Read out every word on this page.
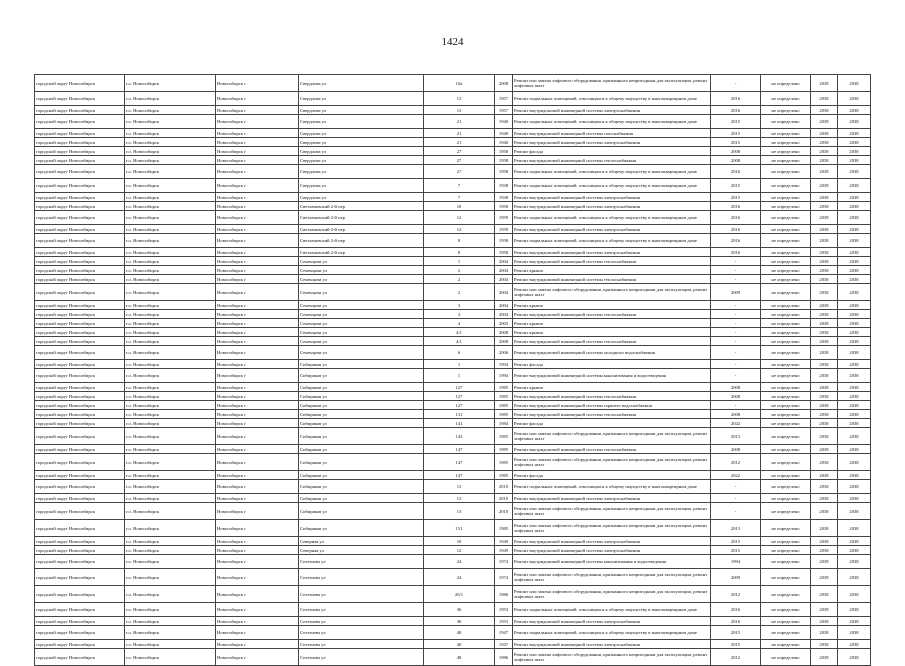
1424
городской округ Новосибирск	г.о. Новосибирск	Новосибирск г	Свердлова ул	10а	2008	Ремонт или замена лифтового оборудования, признанного непригодным для эксплуатации, ремонт лифтовых шахт	-	не определено	2038	2038
городской округ Новосибирск	г.о. Новосибирск	Новосибирск г	Свердлова ул	13	1957	Ремонт подвальных помещений, относящихся к общему имуществу в многоквартирном доме	2016	не определено	2038	2038
городской округ Новосибирск	г.о. Новосибирск	Новосибирск г	Свердлова ул	13	1957	Ремонт внутридомовой инженерной системы электроснабжения	2016	не определено	2038	2038
городской округ Новосибирск	г.о. Новосибирск	Новосибирск г	Свердлова ул	21	1940	Ремонт подвальных помещений, относящихся к общему имуществу в многоквартирном доме	2015	не определено	2038	2038
городской округ Новосибирск	г.о. Новосибирск	Новосибирск г	Свердлова ул	21	1940	Ремонт внутридомовой инженерной системы газоснабжения	2015	не определено	2038	2038
городской округ Новосибирск	г.о. Новосибирск	Новосибирск г	Свердлова ул	21	1940	Ремонт внутридомовой инженерной системы электроснабжения	2015	не определено	2038	2038
городской округ Новосибирск	г.о. Новосибирск	Новосибирск г	Свердлова ул	27	1958	Ремонт фасада	2008	не определено	2038	2038
городской округ Новосибирск	г.о. Новосибирск	Новосибирск г	Свердлова ул	27	1958	Ремонт внутридомовой инженерной системы теплоснабжения	2008	не определено	2038	2038
городской округ Новосибирск	г.о. Новосибирск	Новосибирск г	Свердлова ул	27	1958	Ремонт подвальных помещений, относящихся к общему имуществу в многоквартирном доме	2016	не определено	2038	2038
городской округ Новосибирск	г.о. Новосибирск	Новосибирск г	Свердлова ул	7	1938	Ремонт подвальных помещений, относящихся к общему имуществу в многоквартирном доме	2015	не определено	2038	2038
городской округ Новосибирск	г.о. Новосибирск	Новосибирск г	Свердлова ул	7	1938	Ремонт внутридомовой инженерной системы электроснабжения	2015	не определено	2038	2038
городской округ Новосибирск	г.о. Новосибирск	Новосибирск г	Светлановский 2-й пер	10	1958	Ремонт внутридомовой инженерной системы электроснабжения	2016	не определено	2038	2038
городской округ Новосибирск	г.о. Новосибирск	Новосибирск г	Светлановский 2-й пер	12	1959	Ремонт подвальных помещений, относящихся к общему имуществу в многоквартирном доме	2016	не определено	2038	2038
городской округ Новосибирск	г.о. Новосибирск	Новосибирск г	Светлановский 2-й пер	12	1959	Ремонт внутридомовой инженерной системы электроснабжения	2016	не определено	2038	2038
городской округ Новосибирск	г.о. Новосибирск	Новосибирск г	Светлановский 2-й пер	8	1958	Ремонт подвальных помещений, относящихся к общему имуществу в многоквартирном доме	2016	не определено	2038	2038
городской округ Новосибирск	г.о. Новосибирск	Новосибирск г	Светлановский 2-й пер	8	1958	Ремонт внутридомовой инженерной системы электроснабжения	2016	не определено	2038	2038
городской округ Новосибирск	г.о. Новосибирск	Новосибирск г	Семенцова ул	1	2004	Ремонт внутридомовой инженерной системы теплоснабжения	-	не определено	2038	2038
городской округ Новосибирск	г.о. Новосибирск	Новосибирск г	Семенцова ул	2	2004	Ремонт крыши	-	не определено	2038	2038
городской округ Новосибирск	г.о. Новосибирск	Новосибирск г	Семенцова ул	2	2004	Ремонт внутридомовой инженерной системы теплоснабжения	-	не определено	2038	2038
городской округ Новосибирск	г.о. Новосибирск	Новосибирск г	Семенцова ул	2	2004	Ремонт или замена лифтового оборудования, признанного непригодным для эксплуатации, ремонт лифтовых шахт	2009	не определено	2038	2038
городской округ Новосибирск	г.о. Новосибирск	Новосибирск г	Семенцова ул	3	2004	Ремонт крыши	-	не определено	2038	2038
городской округ Новосибирск	г.о. Новосибирск	Новосибирск г	Семенцова ул	3	2004	Ремонт внутридомовой инженерной системы теплоснабжения	-	не определено	2038	2038
городской округ Новосибирск	г.о. Новосибирск	Новосибирск г	Семенцова ул	4	2003	Ремонт крыши	-	не определено	2038	2038
городской округ Новосибирск	г.о. Новосибирск	Новосибирск г	Семенцова ул	4/1	2008	Ремонт крыши	-	не определено	2038	2038
городской округ Новосибирск	г.о. Новосибирск	Новосибирск г	Семенцова ул	4/1	2008	Ремонт внутридомовой инженерной системы теплоснабжения	-	не определено	2038	2038
городской округ Новосибирск	г.о. Новосибирск	Новосибирск г	Семенцова ул	6	2006	Ремонт внутридомовой инженерной системы холодного водоснабжения	-	не определено	2038	2038
городской округ Новосибирск	г.о. Новосибирск	Новосибирск г	Сибиряков ул	1	1994	Ремонт фасада	-	не определено	2038	2038
городской округ Новосибирск	г.о. Новосибирск	Новосибирск г	Сибиряков ул	1	1994	Ремонт внутридомовой инженерной системы канализования и водоотведения	-	не определено	2038	2038
городской округ Новосибирск	г.о. Новосибирск	Новосибирск г	Сибиряков ул	127	1985	Ремонт крыши	2008	не определено	2038	2038
городской округ Новосибирск	г.о. Новосибирск	Новосибирск г	Сибиряков ул	127	1985	Ремонт внутридомовой инженерной системы теплоснабжения	2008	не определено	2038	2038
городской округ Новосибирск	г.о. Новосибирск	Новосибирск г	Сибиряков ул	127	1985	Ремонт внутридомовой инженерной системы горячего водоснабжения	-	не определено	2038	2038
городской округ Новосибирск	г.о. Новосибирск	Новосибирск г	Сибиряков ул	131	1985	Ремонт внутридомовой инженерной системы теплоснабжения	2008	не определено	2038	2038
городской округ Новосибирск	г.о. Новосибирск	Новосибирск г	Сибиряков ул	141	1984	Ремонт фасада	2022	не определено	2038	2038
городской округ Новосибирск	г.о. Новосибирск	Новосибирск г	Сибиряков ул	143	1985	Ремонт или замена лифтового оборудования, признанного непригодным для эксплуатации, ремонт лифтовых шахт	2013	не определено	2038	2038
городской округ Новосибирск	г.о. Новосибирск	Новосибирск г	Сибиряков ул	147	1985	Ремонт внутридомовой инженерной системы теплоснабжения	2008	не определено	2038	2038
городской округ Новосибирск	г.о. Новосибирск	Новосибирск г	Сибиряков ул	147	1985	Ремонт или замена лифтового оборудования, признанного непригодным для эксплуатации, ремонт лифтовых шахт	2012	не определено	2038	2038
городской округ Новосибирск	г.о. Новосибирск	Новосибирск г	Сибиряков ул	147	1985	Ремонт фасада	2022	не определено	2038	2038
городской округ Новосибирск	г.о. Новосибирск	Новосибирск г	Сибиряков ул	13	2010	Ремонт подвальных помещений, относящихся к общему имуществу в многоквартирном доме	-	не определено	2038	2038
городской округ Новосибирск	г.о. Новосибирск	Новосибирск г	Сибиряков ул	13	2010	Ремонт внутридомовой инженерной системы электроснабжения	-	не определено	2038	2038
городской округ Новосибирск	г.о. Новосибирск	Новосибирск г	Сибиряков ул	13	2010	Ремонт или замена лифтового оборудования, признанного непригодным для эксплуатации, ремонт лифтовых шахт	-	не определено	2038	2038
городской округ Новосибирск	г.о. Новосибирск	Новосибирск г	Сибиряков ул	151	1985	Ремонт или замена лифтового оборудования, признанного непригодным для эксплуатации, ремонт лифтовых шахт	2013	не определено	2038	2038
городской округ Новосибирск	г.о. Новосибирск	Новосибирск г	Северная ул	10	1949	Ремонт внутридомовой инженерной системы электроснабжения	2015	не определено	2038	2038
городской округ Новосибирск	г.о. Новосибирск	Новосибирск г	Северная ул	12	1949	Ремонт внутридомовой инженерной системы электроснабжения	2015	не определено	2038	2038
городской округ Новосибирск	г.о. Новосибирск	Новосибирск г	Селезнева ул	24	1974	Ремонт внутридомовой инженерной системы канализования и водоотведения	1994	не определено	2038	2038
городской округ Новосибирск	г.о. Новосибирск	Новосибирск г	Селезнева ул	24	1974	Ремонт или замена лифтового оборудования, признанного непригодным для эксплуатации, ремонт лифтовых шахт	2009	не определено	2038	2038
городской округ Новосибирск	г.о. Новосибирск	Новосибирск г	Селезнева ул	26/1	1986	Ремонт или замена лифтового оборудования, признанного непригодным для эксплуатации, ремонт лифтовых шахт	2012	не определено	2038	2038
городской округ Новосибирск	г.о. Новосибирск	Новосибирск г	Селезнева ул	36	1953	Ремонт подвальных помещений, относящихся к общему имуществу в многоквартирном доме	2016	не определено	2038	2038
городской округ Новосибирск	г.о. Новосибирск	Новосибирск г	Селезнева ул	36	1953	Ремонт внутридомовой инженерной системы электроснабжения	2016	не определено	2038	2038
городской округ Новосибирск	г.о. Новосибирск	Новосибирск г	Селезнева ул	40	1947	Ремонт подвальных помещений, относящихся к общему имуществу в многоквартирном доме	2015	не определено	2038	2038
городской округ Новосибирск	г.о. Новосибирск	Новосибирск г	Селезнева ул	40	1947	Ремонт внутридомовой инженерной системы электроснабжения	2015	не определено	2038	2038
городской округ Новосибирск	г.о. Новосибирск	Новосибирск г	Селезнева ул	48	1986	Ремонт или замена лифтового оборудования, признанного непригодным для эксплуатации, ремонт лифтовых шахт	2012	не определено	2038	2038
